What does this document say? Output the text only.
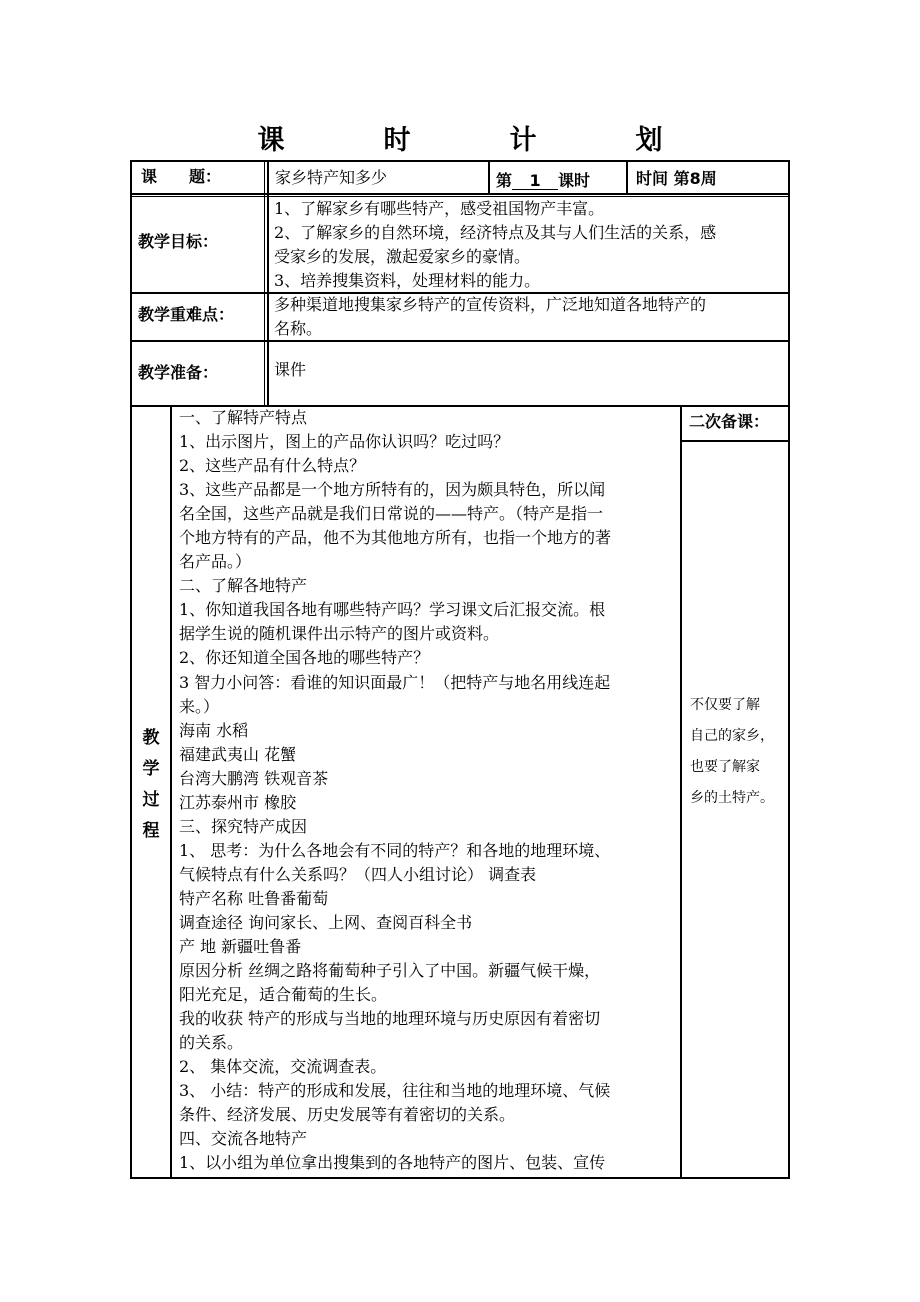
课　时　计　划
课　　题：	家乡特产知多少	第 1 课时	时间 第8周
教学目标：
1、了解家乡有哪些特产，感受祖国物产丰富。
2、了解家乡的自然环境，经济特点及其与人们生活的关系，感
受家乡的发展，激起爱家乡的豪情。
3、培养搜集资料，处理材料的能力。
教学重难点：
多种渠道地搜集家乡特产的宣传资料，广泛地知道各地特产的
名称。
教学准备：	课件
教
学
过
程
一、了解特产特点
1、出示图片，图上的产品你认识吗？吃过吗？
2、这些产品有什么特点？
3、这些产品都是一个地方所特有的，因为颇具特色，所以闻
名全国，这些产品就是我们日常说的——特产。（特产是指一
个地方特有的产品，他不为其他地方所有，也指一个地方的著
名产品。）
二、了解各地特产
1、你知道我国各地有哪些特产吗？学习课文后汇报交流。根
据学生说的随机课件出示特产的图片或资料。
2、你还知道全国各地的哪些特产？
3 智力小问答：看谁的知识面最广！（把特产与地名用线连起
来。）
海南 水稻
福建武夷山 花蟹
台湾大鹏湾 铁观音茶
江苏泰州市 橡胶
三、探究特产成因
1、 思考：为什么各地会有不同的特产？和各地的地理环境、
气候特点有什么关系吗？（四人小组讨论） 调查表
特产名称 吐鲁番葡萄
调查途径 询问家长、上网、查阅百科全书
产 地 新疆吐鲁番
原因分析 丝绸之路将葡萄种子引入了中国。新疆气候干燥，
阳光充足，适合葡萄的生长。
我的收获 特产的形成与当地的地理环境与历史原因有着密切
的关系。
2、 集体交流，交流调查表。
3、 小结：特产的形成和发展，往往和当地的地理环境、气候
条件、经济发展、历史发展等有着密切的关系。
四、交流各地特产
1、以小组为单位拿出搜集到的各地特产的图片、包装、宣传
二次备课：
不仅要了解
自己的家乡，
也要了解家
乡的土特产。
